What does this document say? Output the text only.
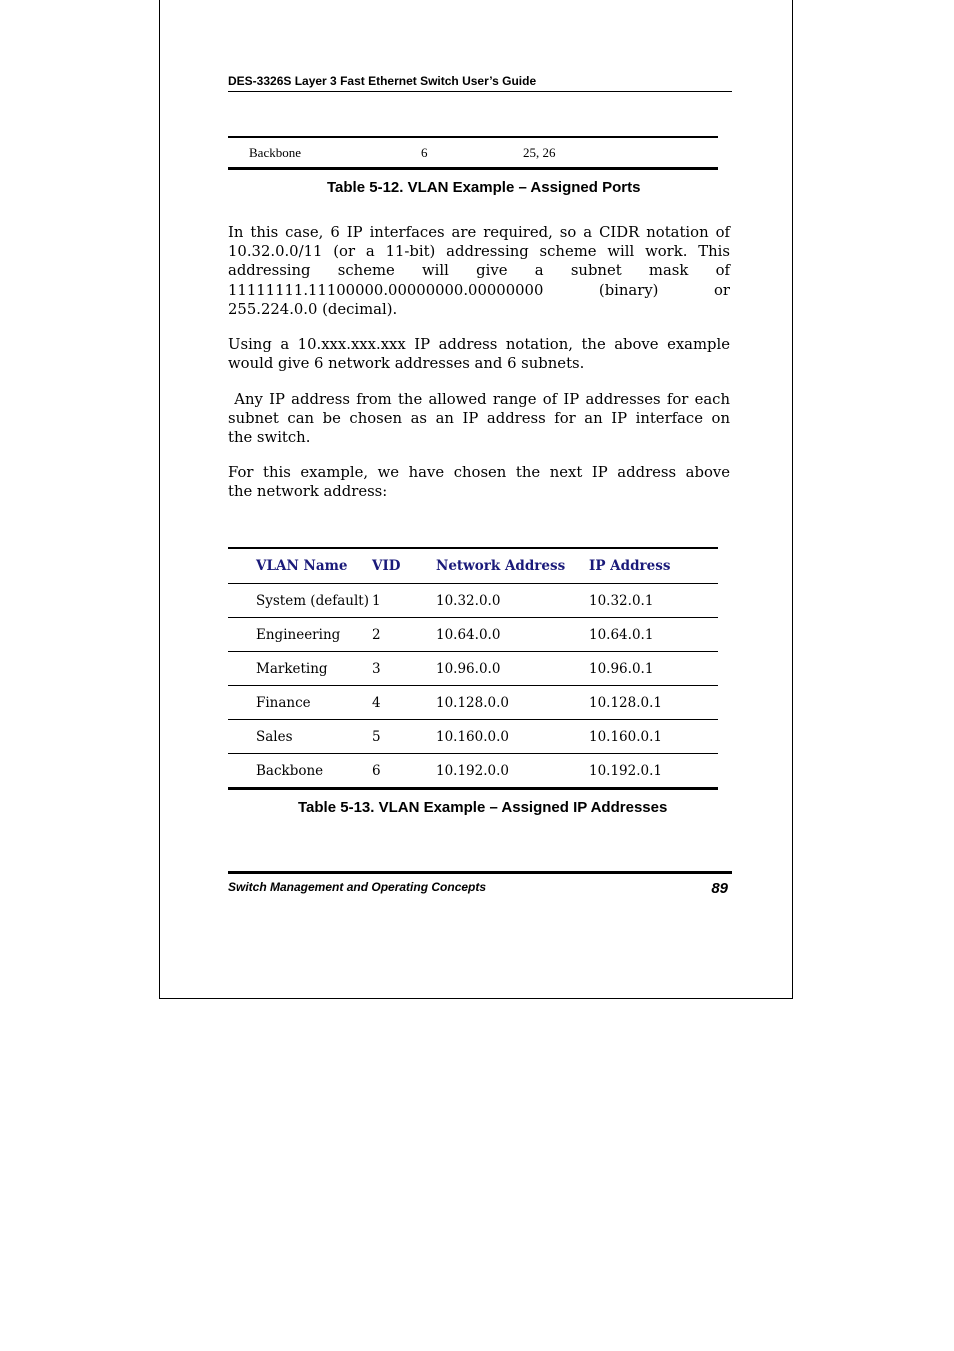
DES-3326S Layer 3 Fast Ethernet Switch User’s Guide
Backbone	6	25, 26
Table 5-12. VLAN Example – Assigned Ports
In this case, 6 IP interfaces are required, so a CIDR notation of
10.32.0.0/11 (or a 11-bit) addressing scheme will work. This
addressing scheme will give a subnet mask of
11111111.11100000.00000000.00000000 (binary) or
255.224.0.0 (decimal).
Using a 10.xxx.xxx.xxx IP address notation, the above example
would give 6 network addresses and 6 subnets.
Any IP address from the allowed range of IP addresses for each
subnet can be chosen as an IP address for an IP interface on
the switch.
For this example, we have chosen the next IP address above
the network address:
VLAN Name	VID	Network Address	IP Address
System (default)	1	10.32.0.0	10.32.0.1
Engineering	2	10.64.0.0	10.64.0.1
Marketing	3	10.96.0.0	10.96.0.1
Finance	4	10.128.0.0	10.128.0.1
Sales	5	10.160.0.0	10.160.0.1
Backbone	6	10.192.0.0	10.192.0.1
Table 5-13. VLAN Example – Assigned IP Addresses
Switch Management and Operating Concepts	89
